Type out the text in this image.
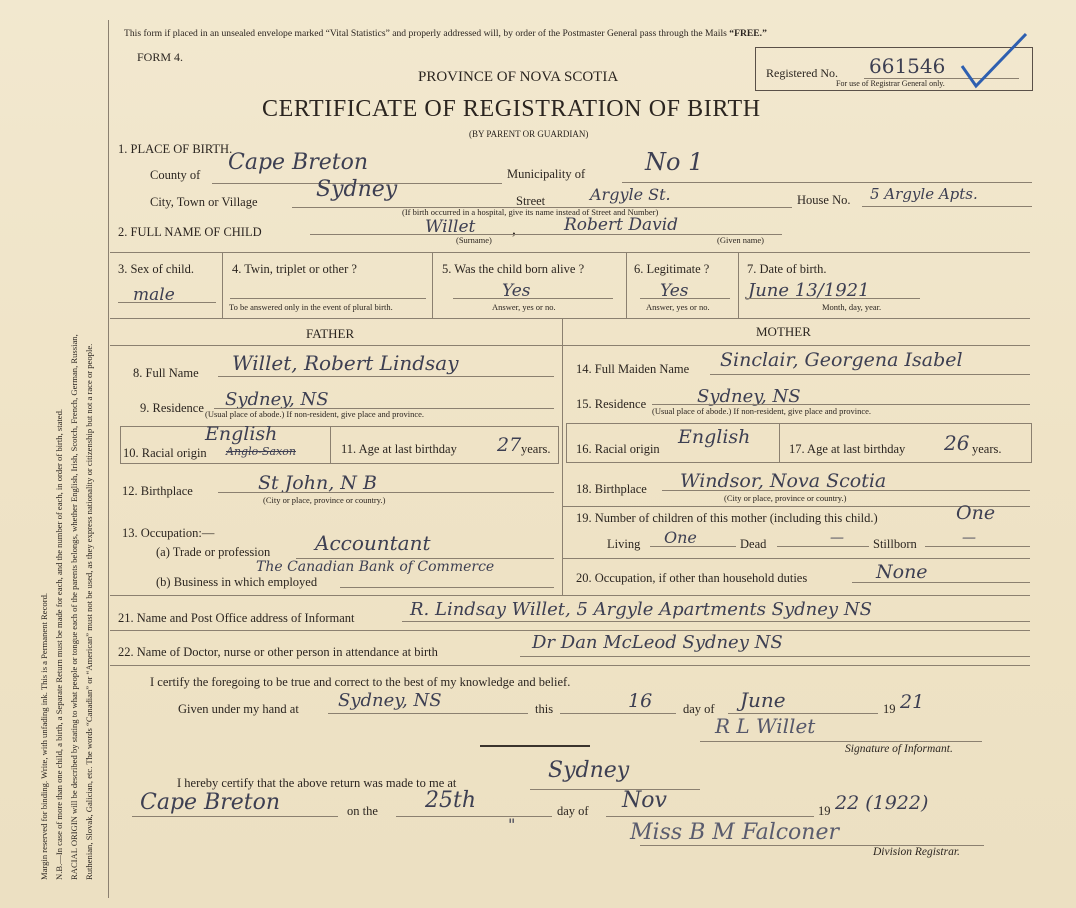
Margin reserved for binding. Write, with unfading ink. This is a Permanent Record. N.B.—In case of more than one child, a birth, a Separate Return must be made for each, and the number of each, in order of birth, stated. RACIAL ORIGIN will be described by stating to what people or tongue each of the parents belongs, whether English, Irish, Scotch, French, German, Russian, Ruthenian, Slovak, Galician, etc. The words “Canadian” or “American” must not be used, as they express nationality or citizenship but not a race or people.
This form if placed in an unsealed envelope marked “Vital Statistics” and properly addressed will, by order of the Postmaster General pass through the Mails “FREE.”
FORM 4.
PROVINCE OF NOVA SCOTIA
CERTIFICATE OF REGISTRATION OF BIRTH
(BY PARENT OR GUARDIAN)
Registered No. 661546
For use of Registrar General only.
1. PLACE OF BIRTH.
County of Cape Breton	Municipality of No 1
City, Town or Village	Sydney	Street	Argyle St.	House No. 5 Argyle Apts.
(If birth occurred in a hospital, give its name instead of Street and Number)
2. FULL NAME OF CHILD	Willet ,	Robert David
(Surname)	(Given name)
3. Sex of child.
male
4. Twin, triplet or other ?
To be answered only in the event of plural birth.
5. Was the child born alive ?
Yes
Answer, yes or no.
6. Legitimate ?
Yes
Answer, yes or no.
7. Date of birth.
June 13/1921
Month, day, year.
FATHER	MOTHER
8. Full Name Willet, Robert Lindsay
9. Residence Sydney, NS
(Usual place of abode.) If non-resident, give place and province.
10. Racial origin
English
Anglo-Saxon	11. Age at last birthday 27 years.
12. Birthplace	St John, N B
(City or place, province or country.)
13. Occupation:—
(a) Trade or profession Accountant
The Canadian Bank of Commerce
(b) Business in which employed
14. Full Maiden Name Sinclair, Georgena Isabel
15. Residence	Sydney, NS
(Usual place of abode.) If non-resident, give place and province.
16. Racial origin
English
17. Age at last birthday 26 years.
18. Birthplace Windsor, Nova Scotia
(City or place, province or country.)
19. Number of children of this mother (including this child.)	One
Living One	Dead	— Stillborn	—
20. Occupation, if other than household duties	None
21. Name and Post Office address of Informant	R. Lindsay Willet, 5 Argyle Apartments Sydney NS
22. Name of Doctor, nurse or other person in attendance at birth	Dr Dan McLeod Sydney NS
I certify the foregoing to be true and correct to the best of my knowledge and belief.
Given under my hand at Sydney, NS	this	16 day of June	19 21
R L Willet
Signature of Informant.
I hereby certify that the above return was made to me at	Sydney
Cape Breton	on the 25th	day of Nov	19 22 (1922)
"	Miss B M Falconer
Division Registrar.
